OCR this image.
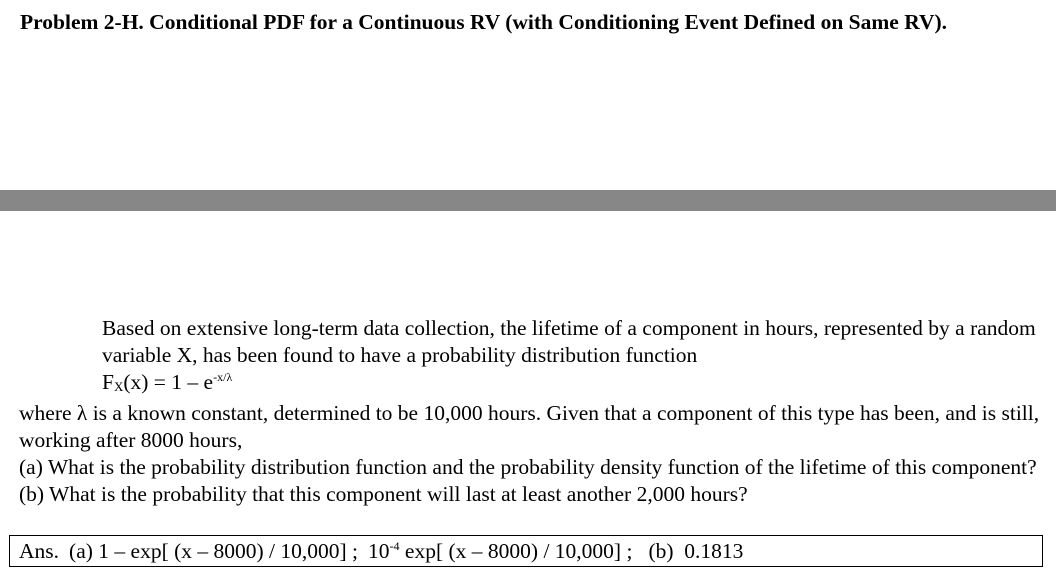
Problem 2-H. Conditional PDF for a Continuous RV (with Conditioning Event Defined on Same RV).

Based on extensive long-term data collection, the lifetime of a component in hours, represented by a random variable X, has been found to have a probability distribution function

$F_X(x) = 1 - e^{-x/\lambda}$

where λ is a known constant, determined to be 10,000 hours. Given that a component of this type has been, and is still, working after 8000 hours,

(a) What is the probability distribution function and the probability density function of the lifetime of this component?

(b) What is the probability that this component will last at least another 2,000 hours?

Ans. (a) 1 – exp[ (x – 8000) / 10,000] ; $10^{-4}$ exp[ (x – 8000) / 10,000] ; (b) 0.1813
